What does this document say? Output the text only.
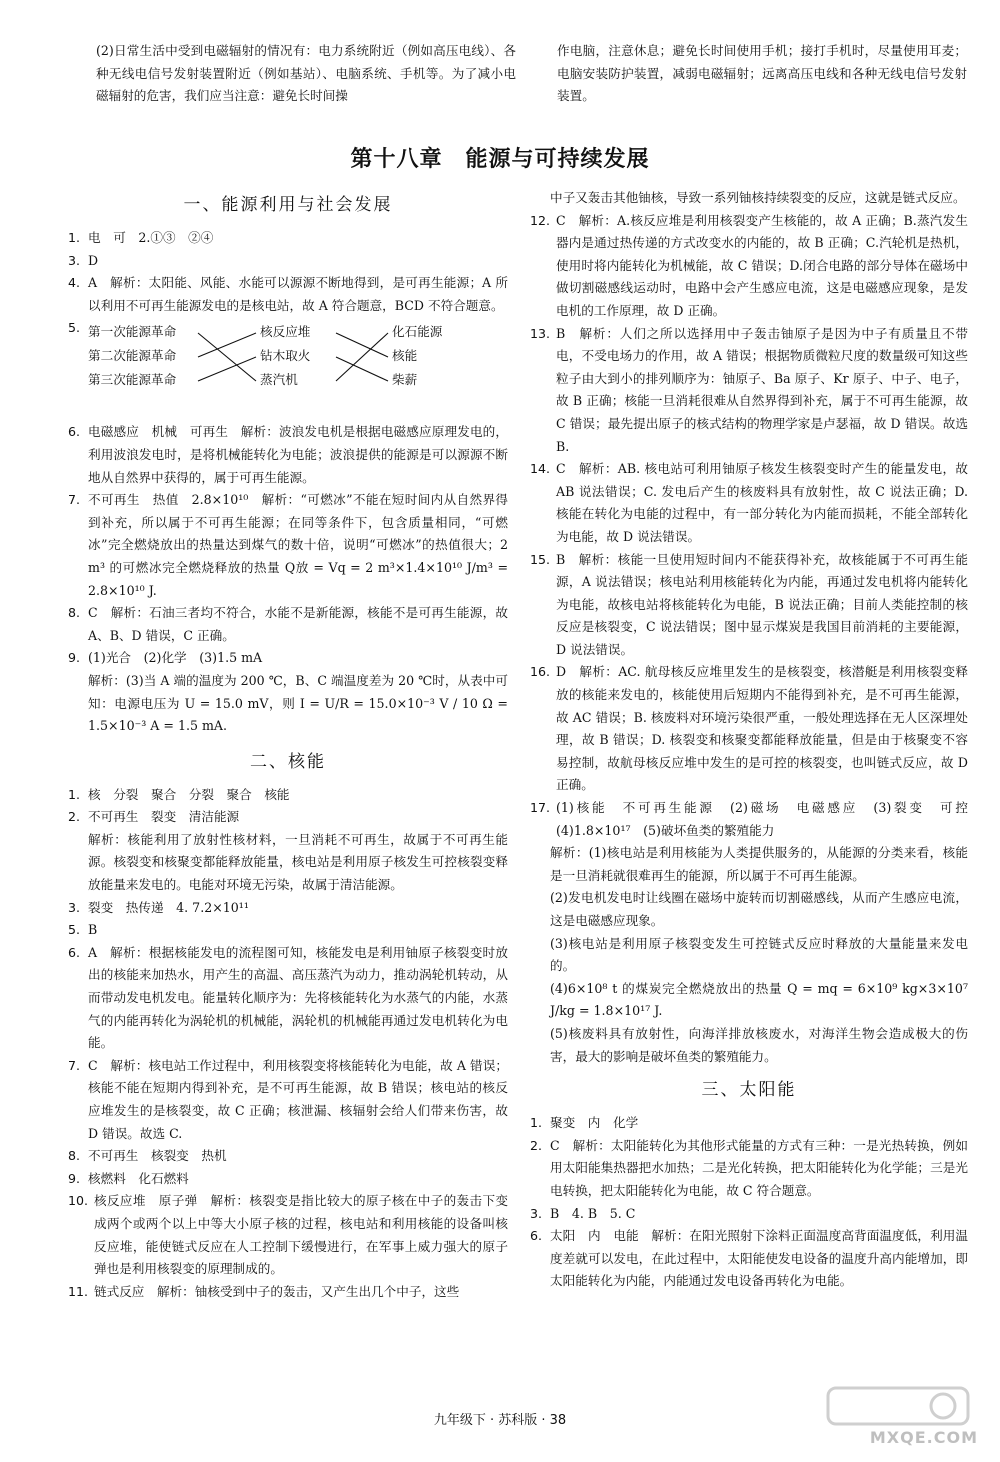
(2)日常生活中受到电磁辐射的情况有：电力系统附近（例如高压电线）、各种无线电信号发射装置附近（例如基站）、电脑系统、手机等。为了减小电磁辐射的危害，我们应当注意：避免长时间操
作电脑，注意休息；避免长时间使用手机；接打手机时，尽量使用耳麦；电脑安装防护装置，减弱电磁辐射；远离高压电线和各种无线电信号发射装置。
第十八章　能源与可持续发展
一、能源利用与社会发展
1. 电　可　2.①③　②④
3. D
4. A　解析：太阳能、风能、水能可以源源不断地得到，是可再生能源；A 所以利用不可再生能源发电的是核电站，故 A 符合题意，BCD 不符合题意。
5. 第一次能源革命
第二次能源革命
第三次能源革命
核反应堆
钻木取火
蒸汽机
化石能源
核能
柴薪
6. 电磁感应　机械　可再生　解析：波浪发电机是根据电磁感应原理发电的，利用波浪发电时，是将机械能转化为电能；波浪提供的能源是可以源源不断地从自然界中获得的，属于可再生能源。
7. 不可再生　热值　2.8×10¹⁰　解析：“可燃冰”不能在短时间内从自然界得到补充，所以属于不可再生能源；在同等条件下，包含质量相同，“可燃冰”完全燃烧放出的热量达到煤气的数十倍，说明“可燃冰”的热值很大；2 m³ 的可燃冰完全燃烧释放的热量 Q放 = Vq = 2 m³×1.4×10¹⁰ J/m³ = 2.8×10¹⁰ J.
8. C　解析：石油三者均不符合，水能不是新能源，核能不是可再生能源，故 A、B、D 错误，C 正确。
9. (1)光合　(2)化学　(3)1.5 mA
解析：(3)当 A 端的温度为 200 ℃，B、C 端温度差为 20 ℃时，从表中可知：电源电压为 U = 15.0 mV，则 I = U/R = 15.0×10⁻³ V / 10 Ω = 1.5×10⁻³ A = 1.5 mA.
二、核能
1. 核　分裂　聚合　分裂　聚合　核能
2. 不可再生　裂变　清洁能源
解析：核能利用了放射性核材料，一旦消耗不可再生，故属于不可再生能源。核裂变和核聚变都能释放能量，核电站是利用原子核发生可控核裂变释放能量来发电的。电能对环境无污染，故属于清洁能源。
3. 裂变　热传递　4. 7.2×10¹¹
5. B
6. A　解析：根据核能发电的流程图可知，核能发电是利用铀原子核裂变时放出的核能来加热水，用产生的高温、高压蒸汽为动力，推动涡轮机转动，从而带动发电机发电。能量转化顺序为：先将核能转化为水蒸气的内能，水蒸气的内能再转化为涡轮机的机械能，涡轮机的机械能再通过发电机转化为电能。
7. C　解析：核电站工作过程中，利用核裂变将核能转化为电能，故 A 错误；核能不能在短期内得到补充，是不可再生能源，故 B 错误；核电站的核反应堆发生的是核裂变，故 C 正确；核泄漏、核辐射会给人们带来伤害，故 D 错误。故选 C.
8. 不可再生　核裂变　热机
9. 核燃料　化石燃料
10. 核反应堆　原子弹　解析：核裂变是指比较大的原子核在中子的轰击下变成两个或两个以上中等大小原子核的过程，核电站和利用核能的设备叫核反应堆，能使链式反应在人工控制下缓慢进行，在军事上威力强大的原子弹也是利用核裂变的原理制成的。
11. 链式反应　解析：铀核受到中子的轰击，又产生出几个中子，这些
中子又轰击其他铀核，导致一系列铀核持续裂变的反应，这就是链式反应。
12. C　解析：A.核反应堆是利用核裂变产生核能的，故 A 正确；B.蒸汽发生器内是通过热传递的方式改变水的内能的，故 B 正确；C.汽轮机是热机，使用时将内能转化为机械能，故 C 错误；D.闭合电路的部分导体在磁场中做切割磁感线运动时，电路中会产生感应电流，这是电磁感应现象，是发电机的工作原理，故 D 正确。
13. B　解析：人们之所以选择用中子轰击铀原子是因为中子有质量且不带电，不受电场力的作用，故 A 错误；根据物质微粒尺度的数量级可知这些粒子由大到小的排列顺序为：铀原子、Ba 原子、Kr 原子、中子、电子，故 B 正确；核能一旦消耗很难从自然界得到补充，属于不可再生能源，故 C 错误；最先提出原子的核式结构的物理学家是卢瑟福，故 D 错误。故选 B.
14. C　解析：AB. 核电站可利用铀原子核发生核裂变时产生的能量发电，故 AB 说法错误；C. 发电后产生的核废料具有放射性，故 C 说法正确；D. 核能在转化为电能的过程中，有一部分转化为内能而损耗，不能全部转化为电能，故 D 说法错误。
15. B　解析：核能一旦使用短时间内不能获得补充，故核能属于不可再生能源，A 说法错误；核电站利用核能转化为内能，再通过发电机将内能转化为电能，故核电站将核能转化为电能，B 说法正确；目前人类能控制的核反应是核裂变，C 说法错误；图中显示煤炭是我国目前消耗的主要能源，D 说法错误。
16. D　解析：AC. 航母核反应堆里发生的是核裂变，核潜艇是利用核裂变释放的核能来发电的，核能使用后短期内不能得到补充，是不可再生能源，故 AC 错误；B. 核废料对环境污染很严重，一般处理选择在无人区深埋处理，故 B 错误；D. 核裂变和核聚变都能释放能量，但是由于核聚变不容易控制，故航母核反应堆中发生的是可控的核裂变，也叫链式反应，故 D 正确。
17. (1)核能　不可再生能源　(2)磁场　电磁感应　(3)裂变　可控　(4)1.8×10¹⁷　(5)破坏鱼类的繁殖能力
解析：(1)核电站是利用核能为人类提供服务的，从能源的分类来看，核能是一旦消耗就很难再生的能源，所以属于不可再生能源。
(2)发电机发电时让线圈在磁场中旋转而切割磁感线，从而产生感应电流，这是电磁感应现象。
(3)核电站是利用原子核裂变发生可控链式反应时释放的大量能量来发电的。
(4)6×10⁸ t 的煤炭完全燃烧放出的热量 Q = mq = 6×10⁹ kg×3×10⁷ J/kg = 1.8×10¹⁷ J.
(5)核废料具有放射性，向海洋排放核废水，对海洋生物会造成极大的伤害，最大的影响是破坏鱼类的繁殖能力。
三、太阳能
1. 聚变　内　化学
2. C　解析：太阳能转化为其他形式能量的方式有三种：一是光热转换，例如用太阳能集热器把水加热；二是光化转换，把太阳能转化为化学能；三是光电转换，把太阳能转化为电能，故 C 符合题意。
3. B　4. B　5. C
6. 太阳　内　电能　解析：在阳光照射下涂料正面温度高背面温度低，利用温度差就可以发电，在此过程中，太阳能使发电设备的温度升高内能增加，即太阳能转化为内能，内能通过发电设备再转化为电能。
九年级下 · 苏科版 · 38
MXQE.COM
